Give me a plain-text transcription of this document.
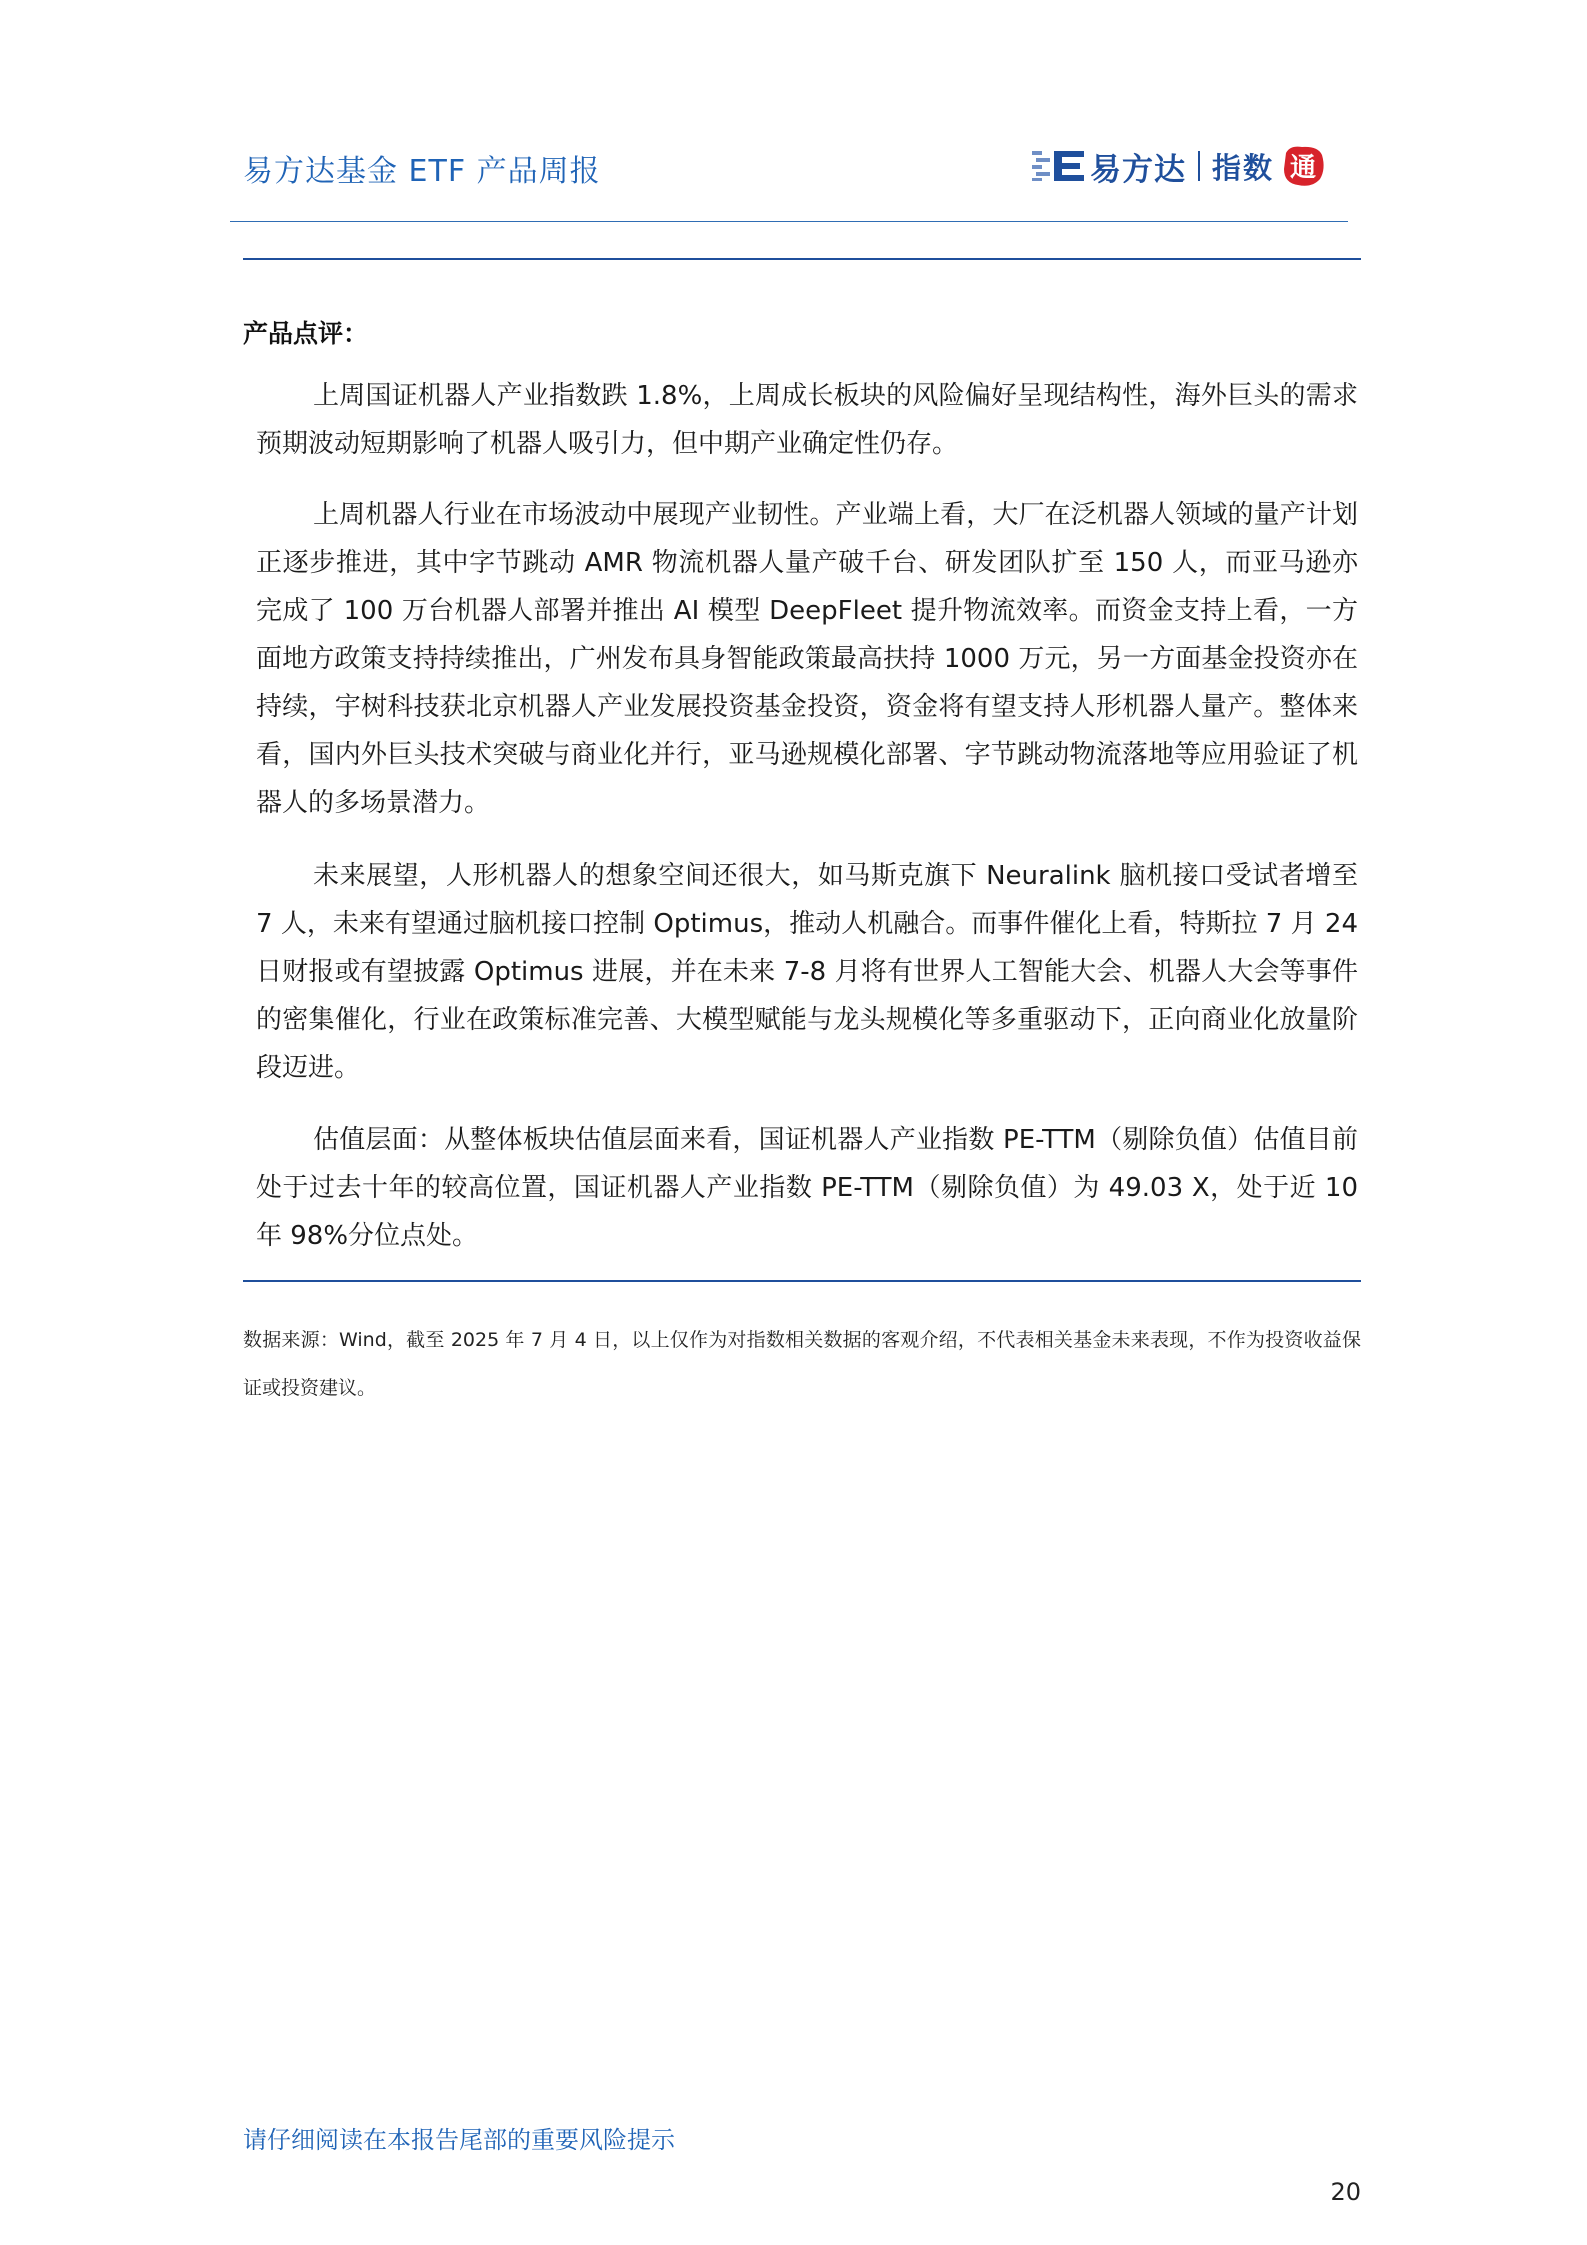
易方达基金 ETF 产品周报	易方达 指数 通
产品点评：

上周国证机器人产业指数跌 1.8%，上周成长板块的风险偏好呈现结构性，海外巨头的需求预期波动短期影响了机器人吸引力，但中期产业确定性仍存。

上周机器人行业在市场波动中展现产业韧性。产业端上看，大厂在泛机器人领域的量产计划正逐步推进，其中字节跳动 AMR 物流机器人量产破千台、研发团队扩至 150 人，而亚马逊亦完成了 100 万台机器人部署并推出 AI 模型 DeepFleet 提升物流效率。而资金支持上看，一方面地方政策支持持续推出，广州发布具身智能政策最高扶持 1000 万元，另一方面基金投资亦在持续，宇树科技获北京机器人产业发展投资基金投资，资金将有望支持人形机器人量产。整体来看，国内外巨头技术突破与商业化并行，亚马逊规模化部署、字节跳动物流落地等应用验证了机器人的多场景潜力。

未来展望，人形机器人的想象空间还很大，如马斯克旗下 Neuralink 脑机接口受试者增至 7 人，未来有望通过脑机接口控制 Optimus，推动人机融合。而事件催化上看，特斯拉 7 月 24 日财报或有望披露 Optimus 进展，并在未来 7-8 月将有世界人工智能大会、机器人大会等事件的密集催化，行业在政策标准完善、大模型赋能与龙头规模化等多重驱动下，正向商业化放量阶段迈进。

估值层面：从整体板块估值层面来看，国证机器人产业指数 PE-TTM（剔除负值）估值目前处于过去十年的较高位置，国证机器人产业指数 PE-TTM（剔除负值）为 49.03 X，处于近 10 年 98%分位点处。

数据来源：Wind，截至 2025 年 7 月 4 日，以上仅作为对指数相关数据的客观介绍，不代表相关基金未来表现，不作为投资收益保证或投资建议。
请仔细阅读在本报告尾部的重要风险提示
20
